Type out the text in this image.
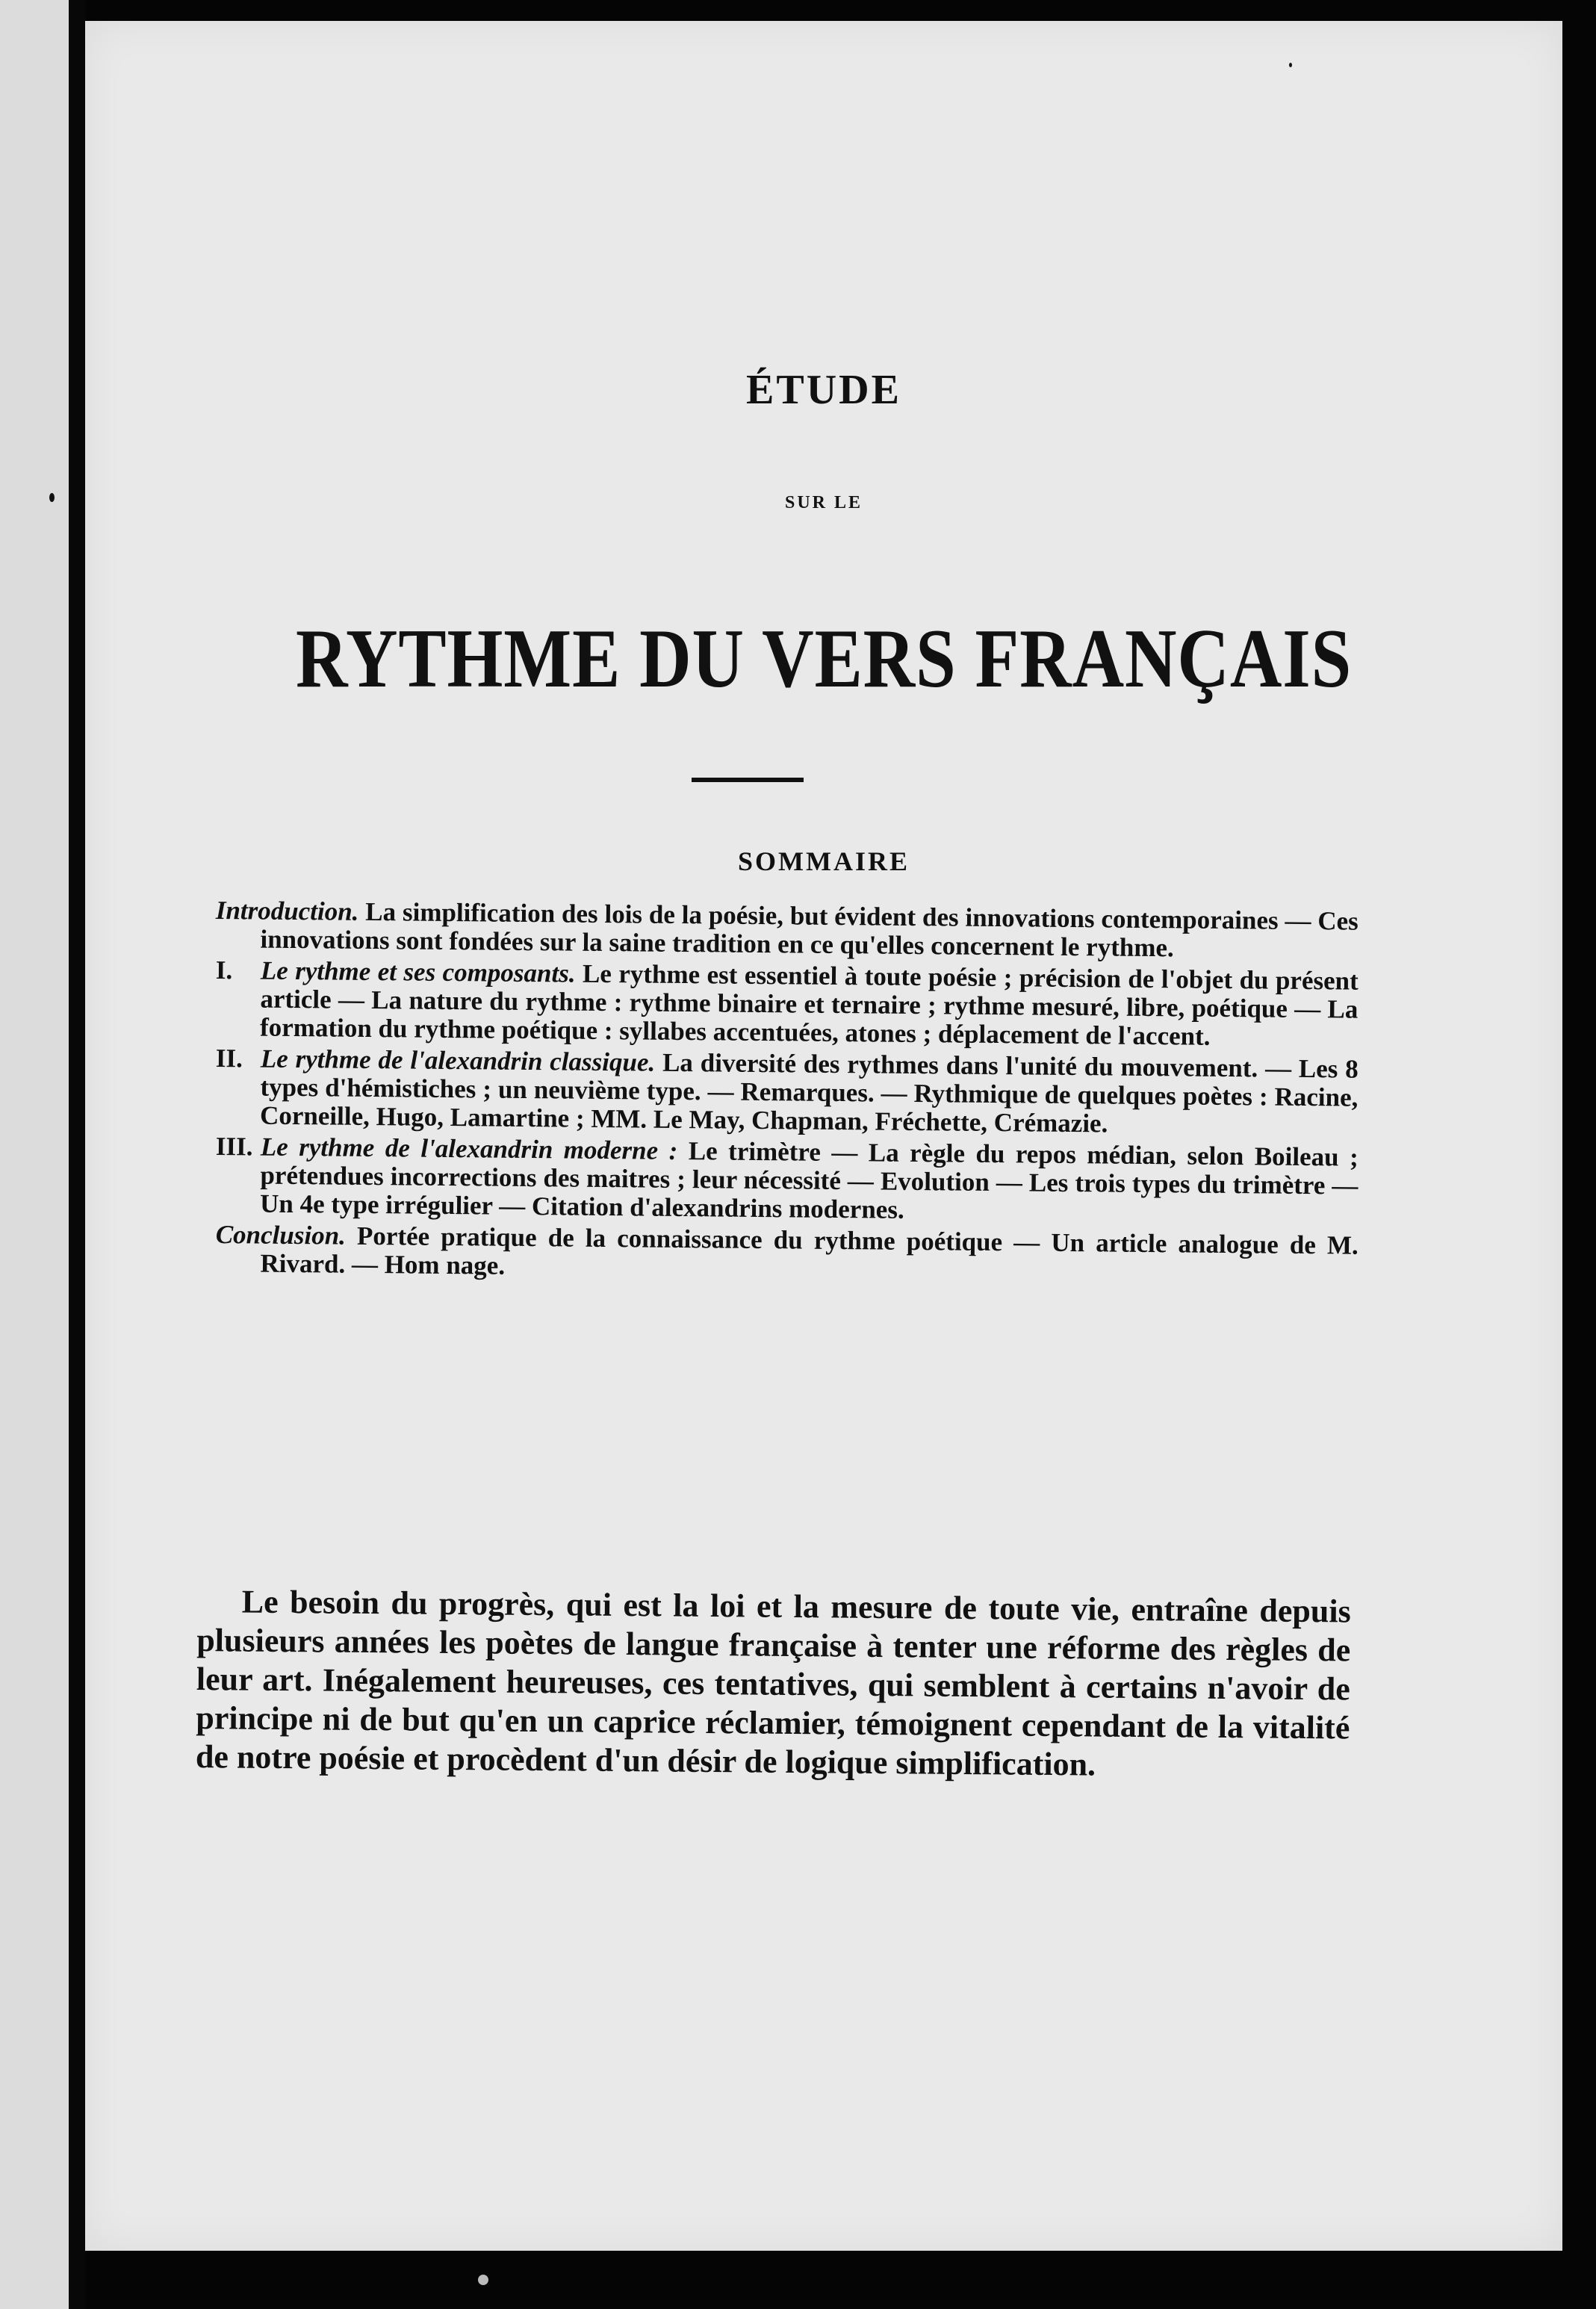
ÉTUDE
SUR LE
RYTHME DU VERS FRANÇAIS
SOMMAIRE
Introduction. La simplification des lois de la poésie, but évident des innovations contemporaines — Ces innovations sont fondées sur la saine tradition en ce qu'elles concernent le rythme.
I.	Le rythme et ses composants. Le rythme est essentiel à toute poésie ; précision de l'objet du présent article — La nature du rythme : rythme binaire et ternaire ; rythme mesuré, libre, poétique — La formation du rythme poétique : syllabes accentuées, atones ; déplacement de l'accent.
II. Le rythme de l'alexandrin classique. La diversité des rythmes dans l'unité du mouvement. — Les 8 types d'hémistiches ; un neuvième type. — Remarques. — Rythmique de quelques poètes : Racine, Corneille, Hugo, Lamartine ; MM. Le May, Chapman, Fréchette, Crémazie.
III. Le rythme de l'alexandrin moderne : Le trimètre — La règle du repos médian, selon Boileau ; prétendues incorrections des maitres ; leur nécessité — Evolution — Les trois types du trimètre — Un 4e type irrégulier — Citation d'alexandrins modernes.
Conclusion. Portée pratique de la connaissance du rythme poétique — Un article analogue de M. Rivard. — Hom nage.
Le besoin du progrès, qui est la loi et la mesure de toute vie, entraîne depuis plusieurs années les poètes de langue française à tenter une réforme des règles de leur art. Inégalement heureuses, ces tentatives, qui semblent à certains n'avoir de principe ni de but qu'en un caprice réclamier, témoignent cependant de la vitalité de notre poésie et procèdent d'un désir de logique simplification.
